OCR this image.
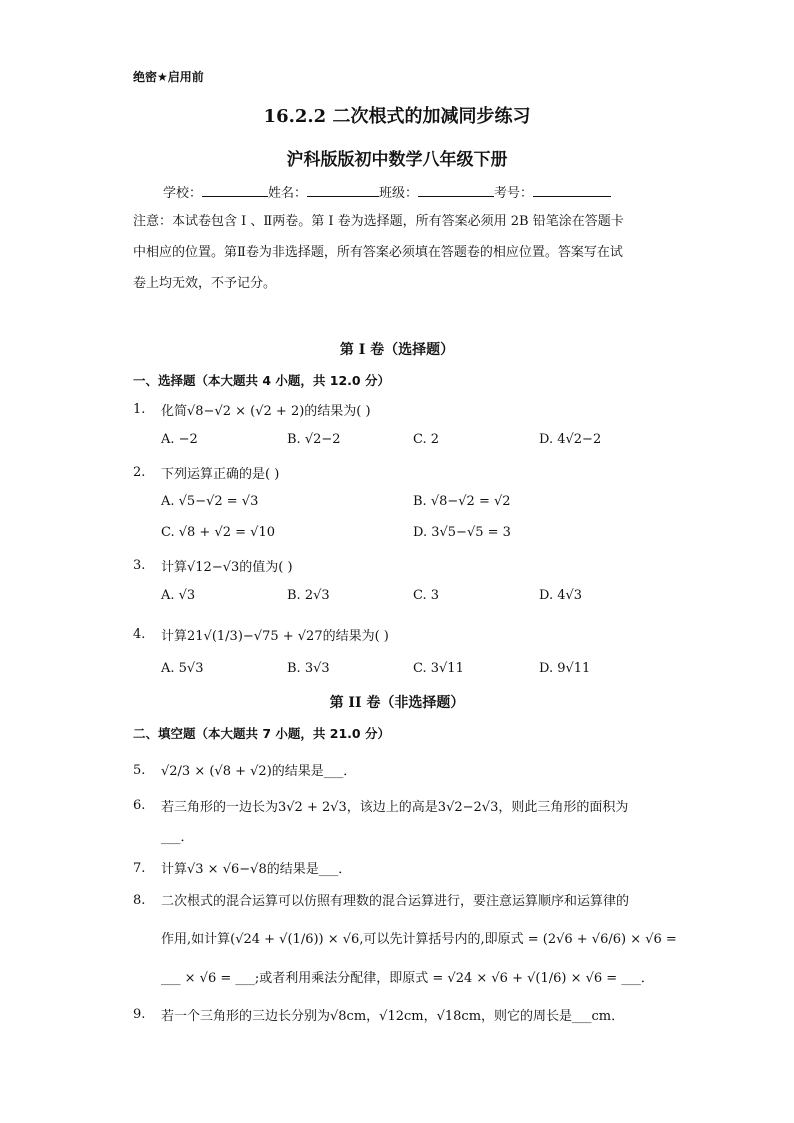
绝密★启用前
16.2.2 二次根式的加减同步练习
沪科版版初中数学八年级下册
学校：	姓名：	班级：	考号：
注意：本试卷包含 Ⅰ 、Ⅱ两卷。第 Ⅰ 卷为选择题，所有答案必须用 2B 铅笔涂在答题卡
中相应的位置。第Ⅱ卷为非选择题，所有答案必须填在答题卷的相应位置。答案写在试
卷上均无效，不予记分。
第 I 卷（选择题）
一、选择题（本大题共 4 小题，共 12.0 分）
1. 化简√8−√2 × (√2 + 2)的结果为( )
A. −2	B. √2−2	C. 2	D. 4√2−2
2. 下列运算正确的是( )
A. √5−√2 = √3	B. √8−√2 = √2
C. √8 + √2 = √10	D. 3√5−√5 = 3
3. 计算√12−√3的值为( )
A. √3	B. 2√3	C. 3	D. 4√3
4. 计算21√(1/3)−√75 + √27的结果为( )
A. 5√3	B. 3√3	C. 3√11	D. 9√11
第 II 卷（非选择题）
二、填空题（本大题共 7 小题，共 21.0 分）
5. √2/3 × (√8 + √2)的结果是___．
6. 若三角形的一边长为3√2 + 2√3，该边上的高是3√2−2√3，则此三角形的面积为
___．
7. 计算√3 × √6−√8的结果是___．
8. 二次根式的混合运算可以仿照有理数的混合运算进行，要注意运算顺序和运算律的
作用,如计算(√24 + √(1/6)) × √6,可以先计算括号内的,即原式 = (2√6 + √6/6) × √6 =
___ × √6 = ___;或者利用乘法分配律，即原式 = √24 × √6 + √(1/6) × √6 = ___．
9. 若一个三角形的三边长分别为√8cm，√12cm，√18cm，则它的周长是___cm．
